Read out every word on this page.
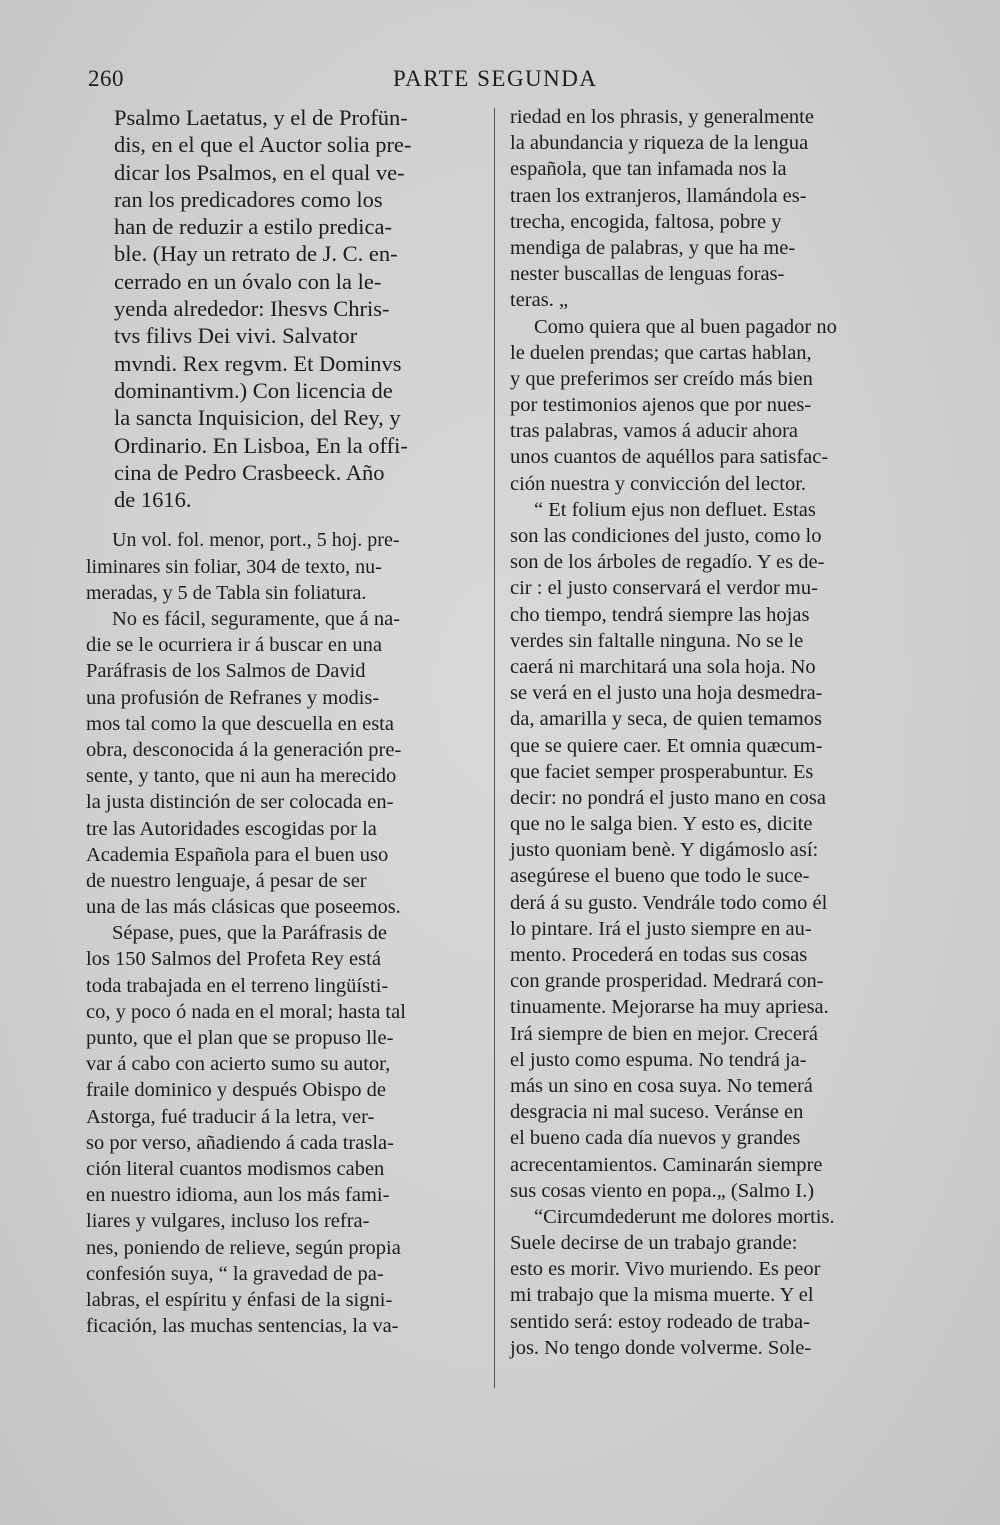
260	PARTE SEGUNDA
Psalmo Laetatus, y el de Profün-
dis, en el que el Auctor solia pre-
dicar los Psalmos, en el qual ve-
ran los predicadores como los
han de reduzir a estilo predica-
ble. (Hay un retrato de J. C. en-
cerrado en un óvalo con la le-
yenda alrededor: Ihesvs Chris-
tvs filivs Dei vivi. Salvator
mvndi. Rex regvm. Et Dominvs
dominantivm.) Con licencia de
la sancta Inquisicion, del Rey, y
Ordinario. En Lisboa, En la offi-
cina de Pedro Crasbeeck. Año
de 1616.
Un vol. fol. menor, port., 5 hoj. pre-
liminares sin foliar, 304 de texto, nu-
meradas, y 5 de Tabla sin foliatura.
No es fácil, seguramente, que á na-
die se le ocurriera ir á buscar en una
Paráfrasis de los Salmos de David
una profusión de Refranes y modis-
mos tal como la que descuella en esta
obra, desconocida á la generación pre-
sente, y tanto, que ni aun ha merecido
la justa distinción de ser colocada en-
tre las Autoridades escogidas por la
Academia Española para el buen uso
de nuestro lenguaje, á pesar de ser
una de las más clásicas que poseemos.
Sépase, pues, que la Paráfrasis de
los 150 Salmos del Profeta Rey está
toda trabajada en el terreno lingüísti-
co, y poco ó nada en el moral; hasta tal
punto, que el plan que se propuso lle-
var á cabo con acierto sumo su autor,
fraile dominico y después Obispo de
Astorga, fué traducir á la letra, ver-
so por verso, añadiendo á cada trasla-
ción literal cuantos modismos caben
en nuestro idioma, aun los más fami-
liares y vulgares, incluso los refra-
nes, poniendo de relieve, según propia
confesión suya, “ la gravedad de pa-
labras, el espíritu y énfasi de la signi-
ficación, las muchas sentencias, la va-
riedad en los phrasis, y generalmente
la abundancia y riqueza de la lengua
española, que tan infamada nos la
traen los extranjeros, llamándola es-
trecha, encogida, faltosa, pobre y
mendiga de palabras, y que ha me-
nester buscallas de lenguas foras-
teras. „
Como quiera que al buen pagador no
le duelen prendas; que cartas hablan,
y que preferimos ser creído más bien
por testimonios ajenos que por nues-
tras palabras, vamos á aducir ahora
unos cuantos de aquéllos para satisfac-
ción nuestra y convicción del lector.
“ Et folium ejus non defluet. Estas
son las condiciones del justo, como lo
son de los árboles de regadío. Y es de-
cir : el justo conservará el verdor mu-
cho tiempo, tendrá siempre las hojas
verdes sin faltalle ninguna. No se le
caerá ni marchitará una sola hoja. No
se verá en el justo una hoja desmedra-
da, amarilla y seca, de quien temamos
que se quiere caer. Et omnia quæcum-
que faciet semper prosperabuntur. Es
decir: no pondrá el justo mano en cosa
que no le salga bien. Y esto es, dicite
justo quoniam benè. Y digámoslo así:
asegúrese el bueno que todo le suce-
derá á su gusto. Vendrále todo como él
lo pintare. Irá el justo siempre en au-
mento. Procederá en todas sus cosas
con grande prosperidad. Medrará con-
tinuamente. Mejorarse ha muy apriesa.
Irá siempre de bien en mejor. Crecerá
el justo como espuma. No tendrá ja-
más un sino en cosa suya. No temerá
desgracia ni mal suceso. Veránse en
el bueno cada día nuevos y grandes
acrecentamientos. Caminarán siempre
sus cosas viento en popa.„ (Salmo I.)
“Circumdederunt me dolores mortis.
Suele decirse de un trabajo grande:
esto es morir. Vivo muriendo. Es peor
mi trabajo que la misma muerte. Y el
sentido será: estoy rodeado de traba-
jos. No tengo donde volverme. Sole-
